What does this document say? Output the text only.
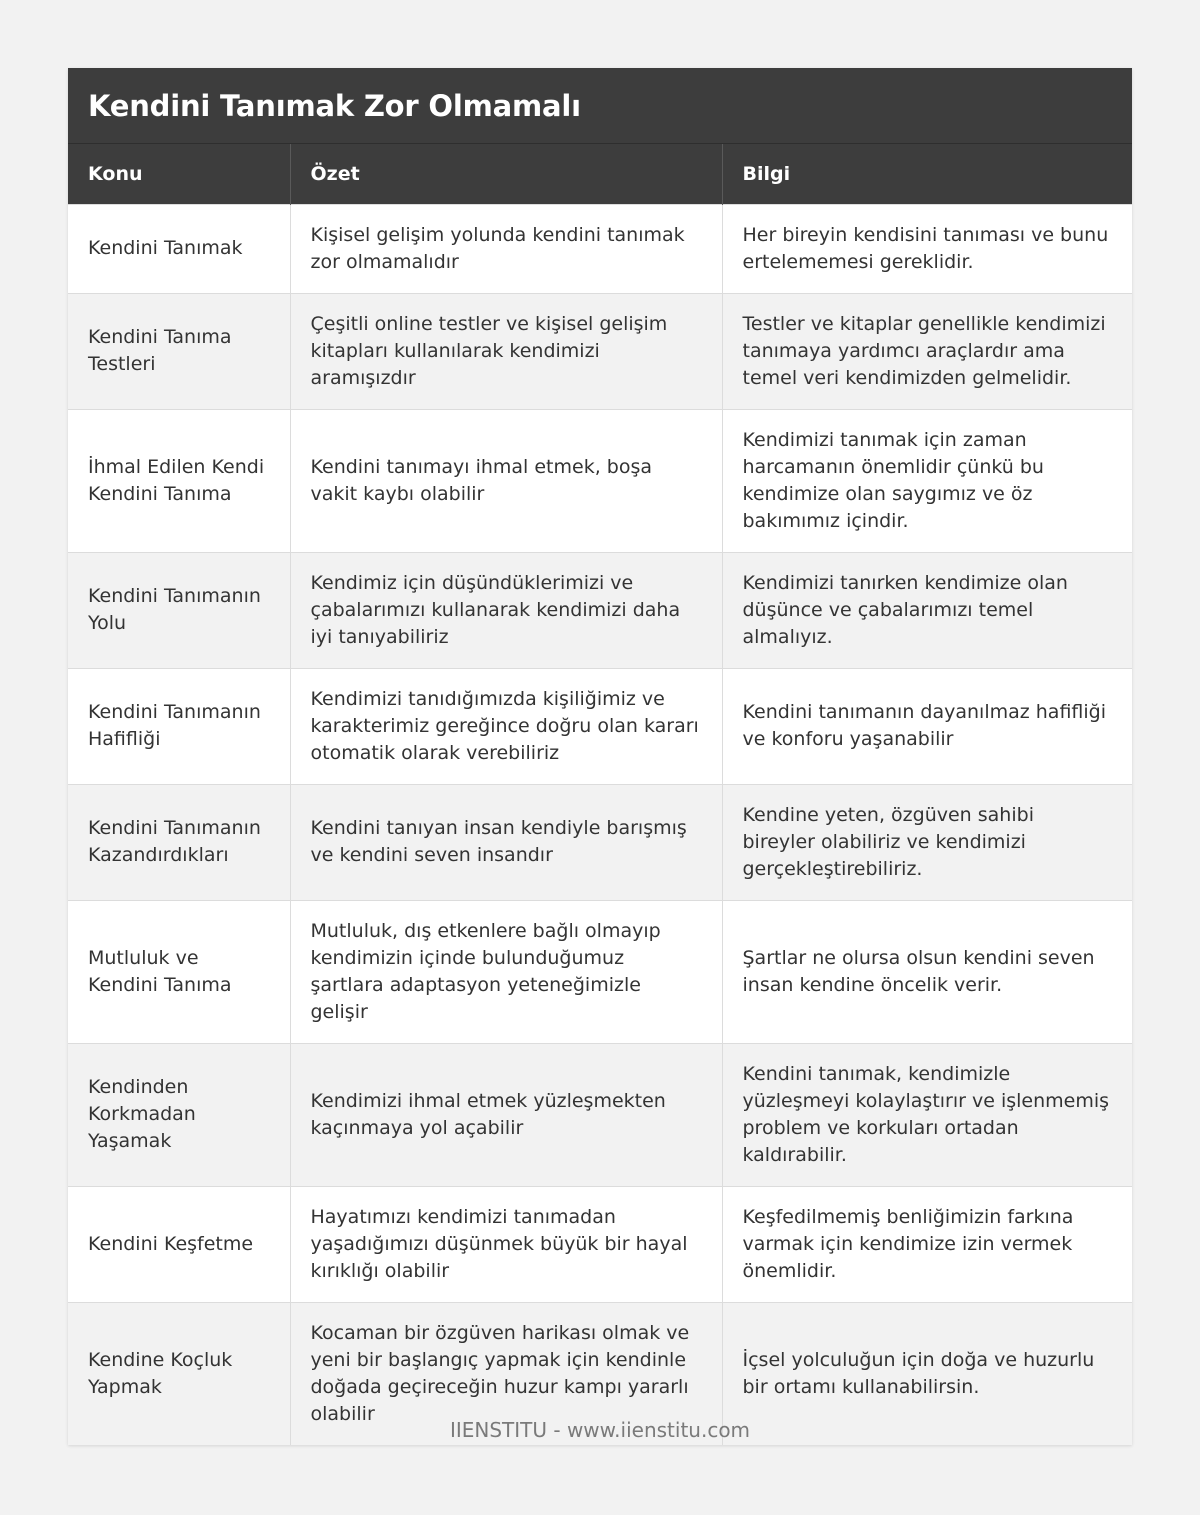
Kendini Tanımak Zor Olmamalı
Konu	Özet	Bilgi
Kendini Tanımak	Kişisel gelişim yolunda kendini tanımak zor olmamalıdır	Her bireyin kendisini tanıması ve bunu ertelememesi gereklidir.
Kendini Tanıma Testleri	Çeşitli online testler ve kişisel gelişim kitapları kullanılarak kendimizi aramışızdır	Testler ve kitaplar genellikle kendimizi tanımaya yardımcı araçlardır ama temel veri kendimizden gelmelidir.
İhmal Edilen Kendi Kendini Tanıma	Kendini tanımayı ihmal etmek, boşa vakit kaybı olabilir	Kendimizi tanımak için zaman harcamanın önemlidir çünkü bu kendimize olan saygımız ve öz bakımımız içindir.
Kendini Tanımanın Yolu	Kendimiz için düşündüklerimizi ve çabalarımızı kullanarak kendimizi daha iyi tanıyabiliriz	Kendimizi tanırken kendimize olan düşünce ve çabalarımızı temel almalıyız.
Kendini Tanımanın Hafifliği	Kendimizi tanıdığımızda kişiliğimiz ve karakterimiz gereğince doğru olan kararı otomatik olarak verebiliriz	Kendini tanımanın dayanılmaz hafifliği ve konforu yaşanabilir
Kendini Tanımanın Kazandırdıkları	Kendini tanıyan insan kendiyle barışmış ve kendini seven insandır	Kendine yeten, özgüven sahibi bireyler olabiliriz ve kendimizi gerçekleştirebiliriz.
Mutluluk ve Kendini Tanıma	Mutluluk, dış etkenlere bağlı olmayıp kendimizin içinde bulunduğumuz şartlara adaptasyon yeteneğimizle gelişir	Şartlar ne olursa olsun kendini seven insan kendine öncelik verir.
Kendinden Korkmadan Yaşamak	Kendimizi ihmal etmek yüzleşmekten kaçınmaya yol açabilir	Kendini tanımak, kendimizle yüzleşmeyi kolaylaştırır ve işlenmemiş problem ve korkuları ortadan kaldırabilir.
Kendini Keşfetme	Hayatımızı kendimizi tanımadan yaşadığımızı düşünmek büyük bir hayal kırıklığı olabilir	Keşfedilmemiş benliğimizin farkına varmak için kendimize izin vermek önemlidir.
Kendine Koçluk Yapmak	Kocaman bir özgüven harikası olmak ve yeni bir başlangıç yapmak için kendinle doğada geçireceğin huzur kampı yararlı olabilir	İçsel yolculuğun için doğa ve huzurlu bir ortamı kullanabilirsin.
IIENSTITU - www.iienstitu.com
